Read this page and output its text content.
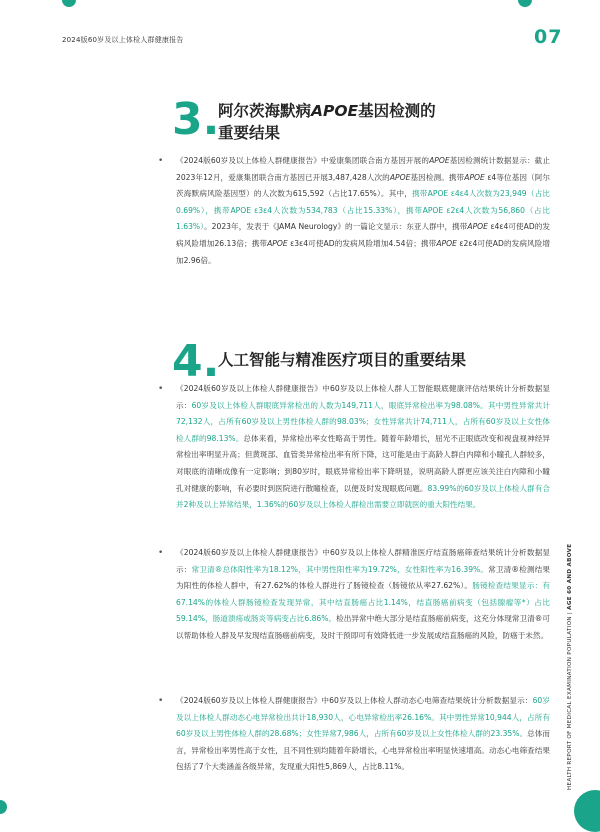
2024版60岁及以上体检人群健康报告	07
3.
阿尔茨海默病APOE基因检测的
重要结果
• 《2024版60岁及以上体检人群健康报告》中爱康集团联合南方基因开展的APOE基因检测统计数据显示：截止2023年12月，爱康集团联合南方基因已开展3,487,428人次的APOE基因检测。携带APOE ε4等位基因（阿尔茨海默病风险基因型）的人次数为615,592（占比17.65%）。其中，携带APOE ε4ε4人次数为23,949（占比0.69%），携带APOE ε3ε4人次数为534,783（占比15.33%），携带APOE ε2ε4人次数为56,860（占比1.63%）。2023年，发表于《JAMA Neurology》的一篇论文显示：东亚人群中，携带APOE ε4ε4可使AD的发病风险增加26.13倍；携带APOE ε3ε4可使AD的发病风险增加4.54倍；携带APOE ε2ε4可使AD的发病风险增加2.96倍。
4.
人工智能与精准医疗项目的重要结果
• 《2024版60岁及以上体检人群健康报告》中60岁及以上体检人群人工智能眼底健康评估结果统计分析数据显示：60岁及以上体检人群眼底异常检出的人数为149,711人，眼底异常检出率为98.08%。其中男性异常共计72,132人，占所有60岁及以上男性体检人群的98.03%；女性异常共计74,711人，占所有60岁及以上女性体检人群的98.13%。总体来看，异常检出率女性略高于男性。随着年龄增长，屈光不正眼底改变和视盘视神经异常检出率明显升高；但黄斑部、血管类异常检出率有所下降，这可能是由于高龄人群白内障和小瞳孔人群较多，对眼底的清晰成像有一定影响；到80岁时，眼底异常检出率下降明显，说明高龄人群更应该关注白内障和小瞳孔对健康的影响，有必要时到医院进行散瞳检查，以便及时发现眼底问题。83.99%的60岁及以上体检人群有合并2种及以上异常结果，1.36%的60岁及以上体检人群检出需要立即就医的重大阳性结果。
• 《2024版60岁及以上体检人群健康报告》中60岁及以上体检人群精准医疗结直肠癌筛查结果统计分析数据显示：常卫清®总体阳性率为18.12%，其中男性阳性率为19.72%，女性阳性率为16.39%。常卫清®检测结果为阳性的体检人群中，有27.62%的体检人群进行了肠镜检查（肠镜依从率27.62%）。肠镜检查结果显示：有67.14%的体检人群肠镜检查发现异常，其中结直肠癌占比1.14%，结直肠癌前病变（包括腺瘤等*）占比59.14%，肠道溃疡或肠炎等病变占比6.86%。检出异常中绝大部分是结直肠癌前病变，这充分体现常卫清®可以帮助体检人群及早发现结直肠癌前病变，及时干预即可有效降低进一步发展成结直肠癌的风险，防癌于未然。
• 《2024版60岁及以上体检人群健康报告》中60岁及以上体检人群动态心电筛查结果统计分析数据显示：60岁及以上体检人群动态心电异常检出共计18,930人，心电异常检出率26.16%。其中男性异常10,944人，占所有60岁及以上男性体检人群的28.68%；女性异常7,986人，占所有60岁及以上女性体检人群的23.35%。总体而言，异常检出率男性高于女性，且不同性别均随着年龄增长，心电异常检出率明显快速增高。动态心电筛查结果包括了7个大类涵盖各级异常，发现重大阳性5,869人，占比8.11%。	HEALTH REPORT OF MEDICAL EXAMINATION POPULATION | AGE 60 AND ABOVE
